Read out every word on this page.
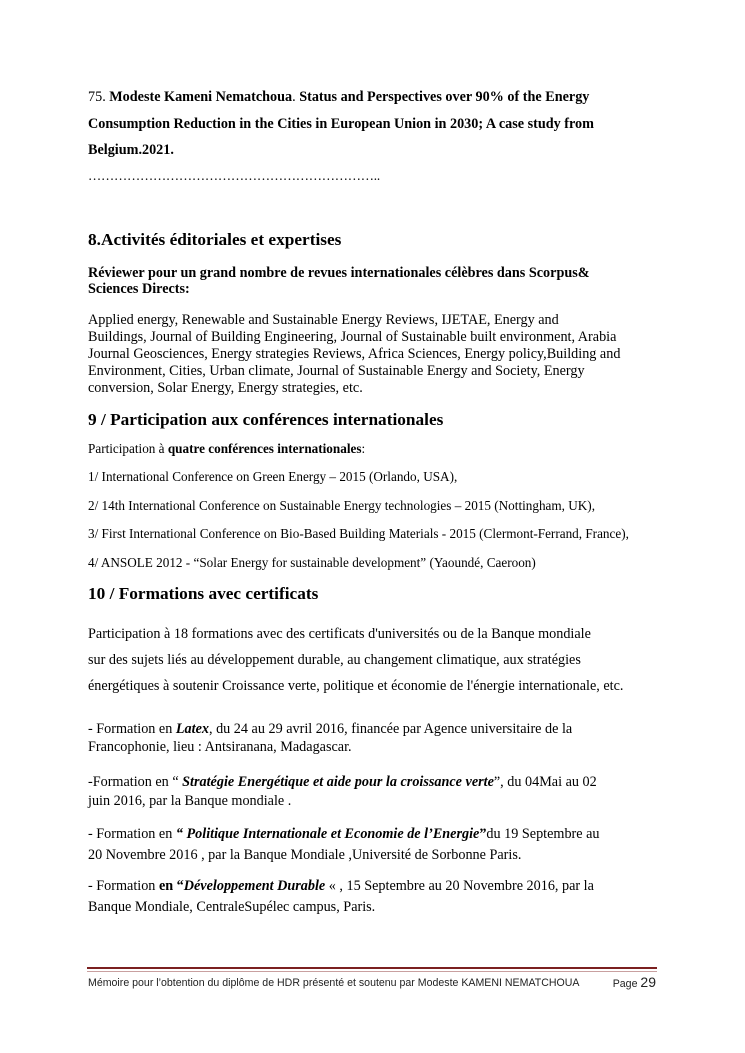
75. Modeste Kameni Nematchoua. Status and Perspectives over 90% of the Energy
Consumption Reduction in the Cities in European Union in 2030; A case study from
Belgium.2021.
…………………………………………………………..
8.Activités éditoriales et expertises
Réviewer pour un grand nombre de revues internationales célèbres dans Scorpus&
Sciences Directs:
Applied energy, Renewable and Sustainable Energy Reviews, IJETAE, Energy and
Buildings, Journal of Building Engineering, Journal of Sustainable built environment, Arabia
Journal Geosciences, Energy strategies Reviews, Africa Sciences, Energy policy,Building and
Environment, Cities, Urban climate, Journal of Sustainable Energy and Society, Energy
conversion, Solar Energy, Energy strategies, etc.
9 / Participation aux conférences internationales
Participation à quatre conférences internationales:
1/ International Conference on Green Energy – 2015 (Orlando, USA),
2/ 14th International Conference on Sustainable Energy technologies – 2015 (Nottingham, UK),
3/ First International Conference on Bio-Based Building Materials - 2015 (Clermont-Ferrand, France),
4/ ANSOLE 2012 - “Solar Energy for sustainable development” (Yaoundé, Caeroon)
10 / Formations avec certificats
Participation à 18 formations avec des certificats d'universités ou de la Banque mondiale
sur des sujets liés au développement durable, au changement climatique, aux stratégies
énergétiques à soutenir Croissance verte, politique et économie de l'énergie internationale, etc.
- Formation en Latex, du 24 au 29 avril 2016, financée par Agence universitaire de la
Francophonie, lieu : Antsiranana, Madagascar.
-Formation en “ Stratégie Energétique et aide pour la croissance verte”, du 04Mai au 02
juin 2016, par la Banque mondiale .
- Formation en “ Politique Internationale et Economie de l’Energie”du 19 Septembre au
20 Novembre 2016 , par la Banque Mondiale ,Université de Sorbonne Paris.
- Formation en “Développement Durable « , 15 Septembre au 20 Novembre 2016, par la
Banque Mondiale, CentraleSupélec campus, Paris.
Mémoire pour l’obtention du diplôme de HDR présenté et soutenu par Modeste KAMENI NEMATCHOUA	Page 29
